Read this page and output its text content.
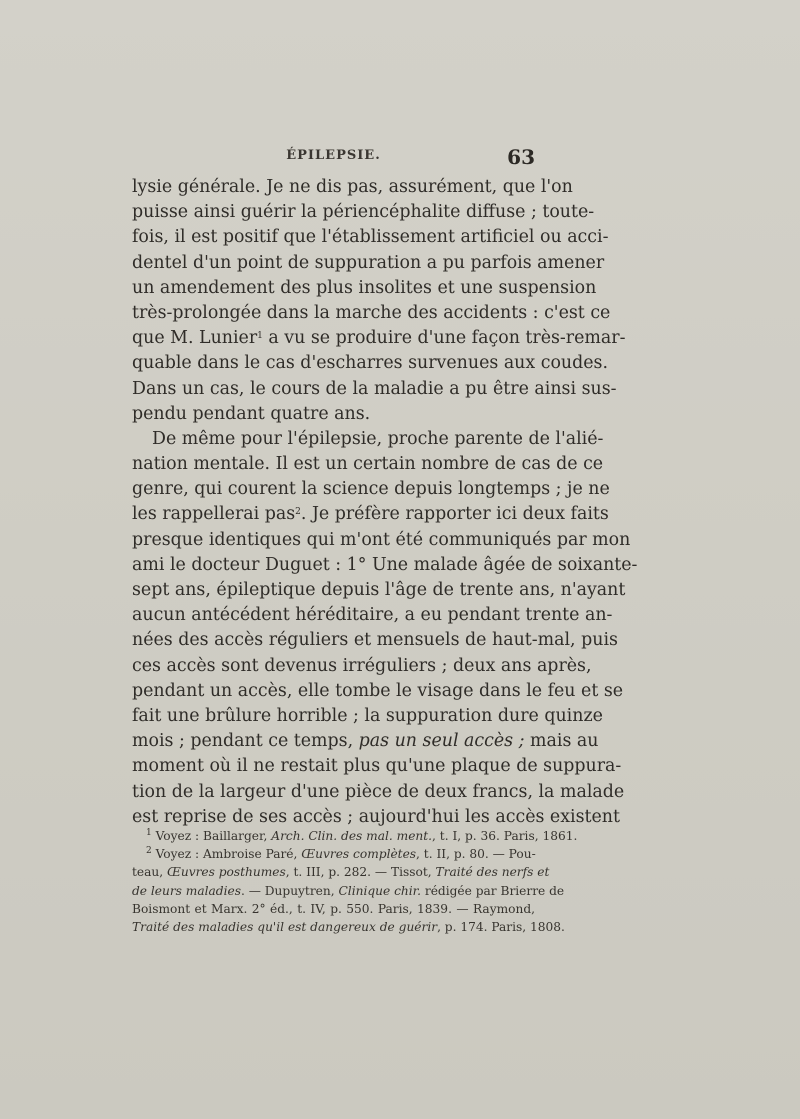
ÉPILEPSIE.	63
lysie générale. Je ne dis pas, assurément, que l'on
puisse ainsi guérir la périencéphalite diffuse ; toute-
fois, il est positif que l'établissement artificiel ou acci-
dentel d'un point de suppuration a pu parfois amener
un amendement des plus insolites et une suspension
très-prolongée dans la marche des accidents : c'est ce
que M. Lunier$^1$ a vu se produire d'une façon très-remar-
quable dans le cas d'escharres survenues aux coudes.
Dans un cas, le cours de la maladie a pu être ainsi sus-
pendu pendant quatre ans.
De même pour l'épilepsie, proche parente de l'alié-
nation mentale. Il est un certain nombre de cas de ce
genre, qui courent la science depuis longtemps ; je ne
les rappellerai pas$^2$. Je préfère rapporter ici deux faits
presque identiques qui m'ont été communiqués par mon
ami le docteur Duguet : 1° Une malade âgée de soixante-
sept ans, épileptique depuis l'âge de trente ans, n'ayant
aucun antécédent héréditaire, a eu pendant trente an-
nées des accès réguliers et mensuels de haut-mal, puis
ces accès sont devenus irréguliers ; deux ans après,
pendant un accès, elle tombe le visage dans le feu et se
fait une brûlure horrible ; la suppuration dure quinze
mois ; pendant ce temps, pas un seul accès ; mais au
moment où il ne restait plus qu'une plaque de suppura-
tion de la largeur d'une pièce de deux francs, la malade
est reprise de ses accès ; aujourd'hui les accès existent
$^1$ Voyez : Baillarger, Arch. Clin. des mal. ment., t. I, p. 36. Paris, 1861.
$^2$ Voyez : Ambroise Paré, Œuvres complètes, t. II, p. 80. — Pou-
teau, Œuvres posthumes, t. III, p. 282. — Tissot, Traité des nerfs et
de leurs maladies. — Dupuytren, Clinique chir. rédigée par Brierre de
Boismont et Marx. 2° éd., t. IV, p. 550. Paris, 1839. — Raymond,
Traité des maladies qu'il est dangereux de guérir, p. 174. Paris, 1808.
